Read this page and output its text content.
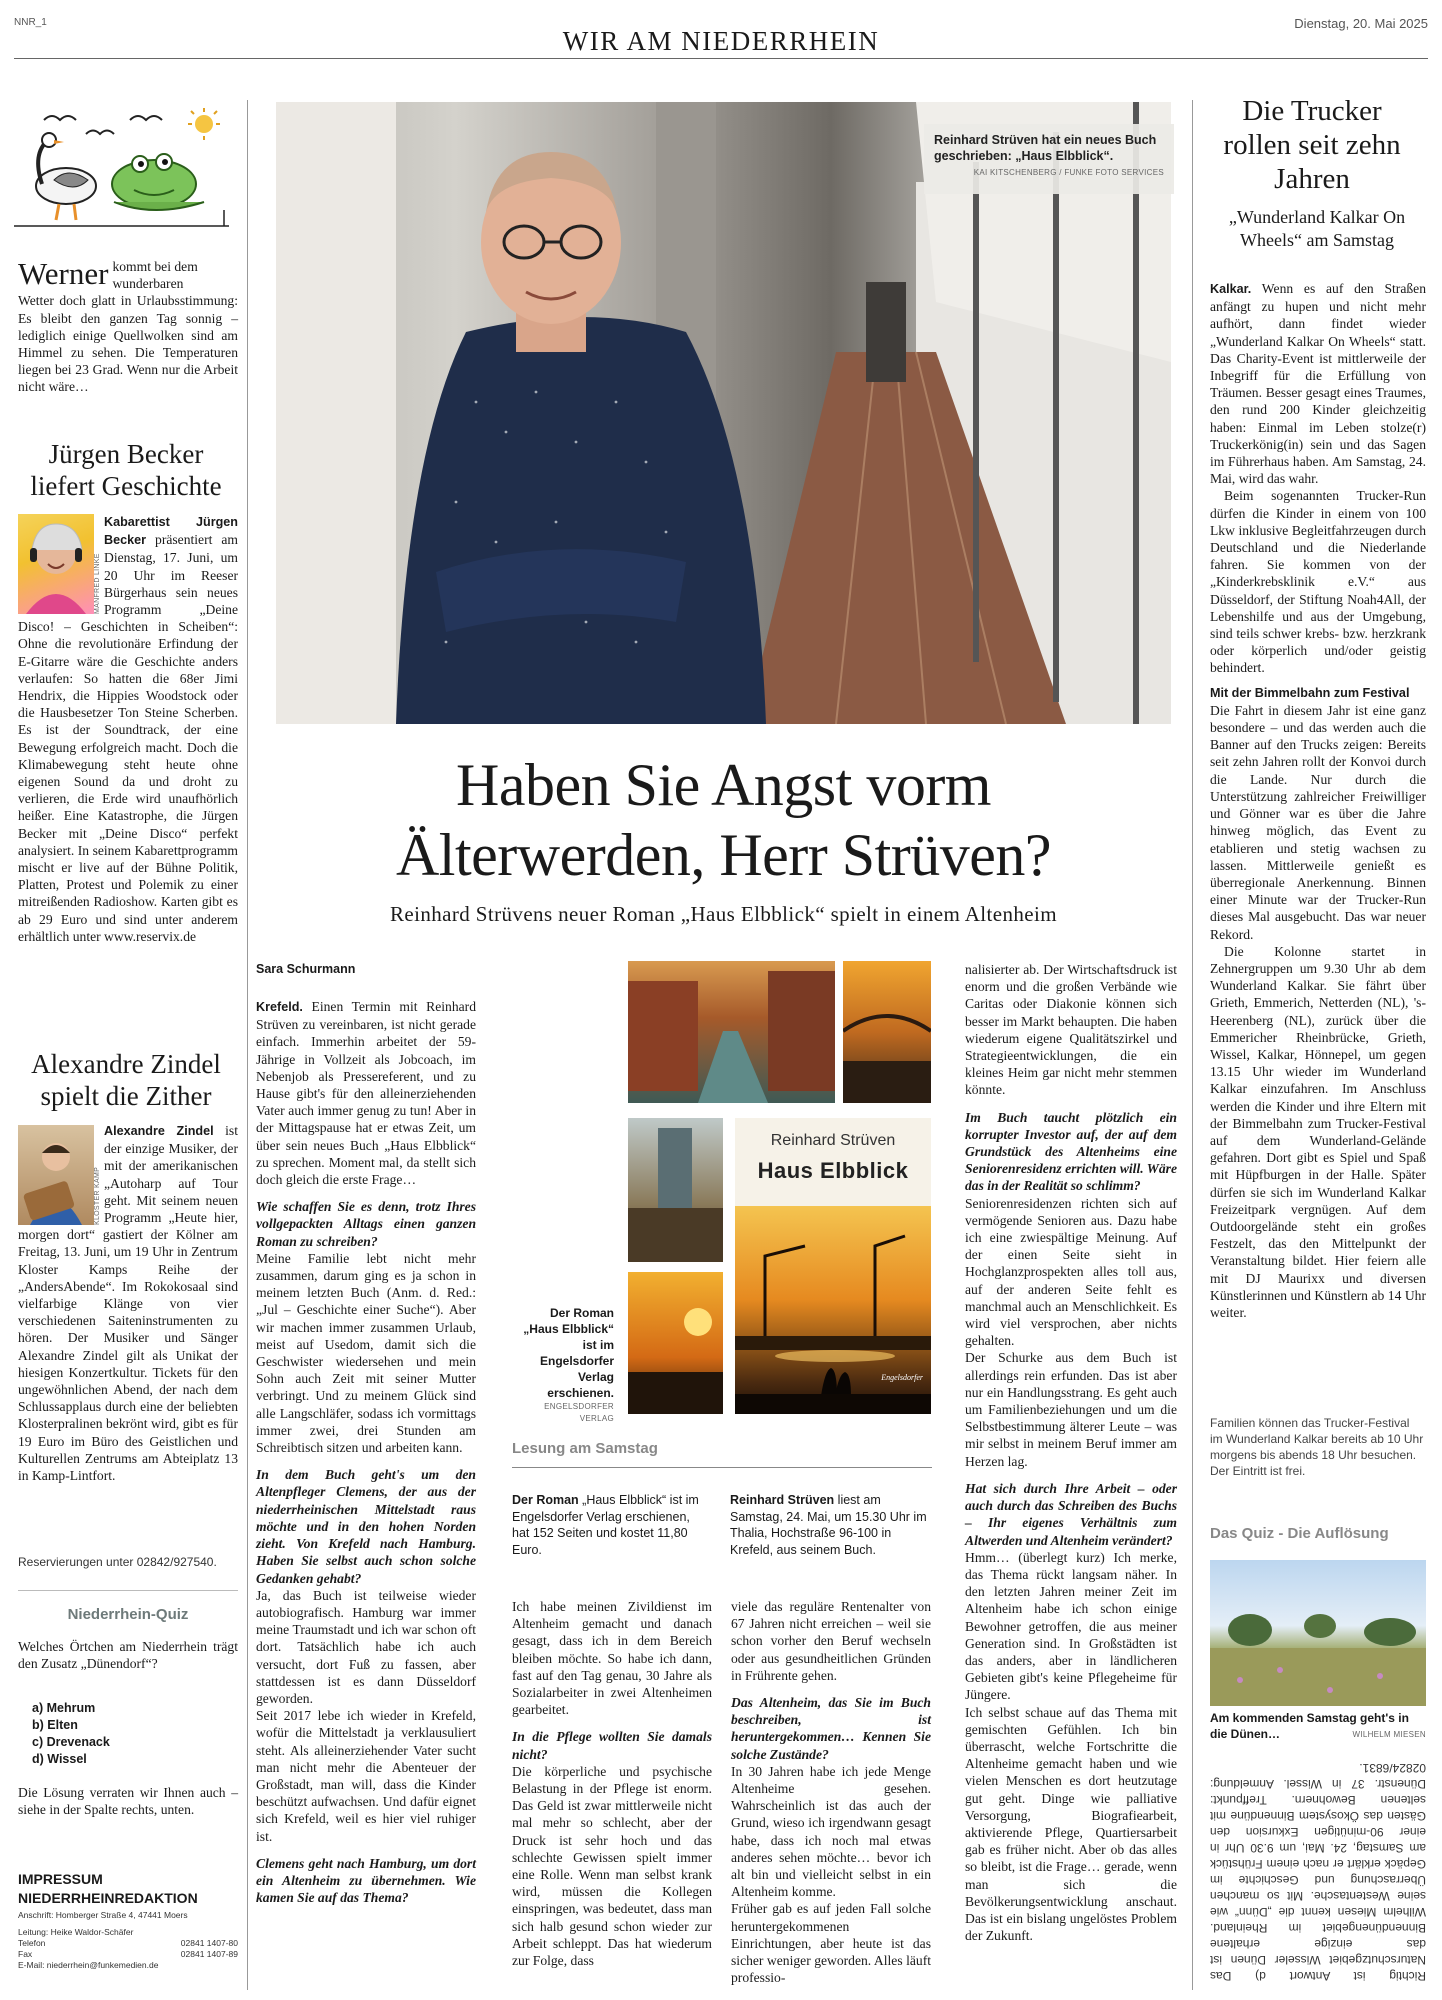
NNR_1
WIR AM NIEDERRHEIN
Dienstag, 20. Mai 2025
Werner kommt bei dem wunderbaren
Wetter doch glatt in Urlaubsstimmung: Es bleibt den ganzen Tag sonnig – lediglich einige Quellwolken sind am Himmel zu sehen. Die Temperaturen liegen bei 23 Grad. Wenn nur die Arbeit nicht wäre…
Jürgen Becker liefert Geschichte
MANFRED LINKE
Kabarettist Jürgen Becker präsentiert am Dienstag, 17. Juni, um 20 Uhr im Reeser Bürgerhaus sein neues Programm „Deine Disco! – Geschichten in Scheiben“: Ohne die revolutionäre Erfindung der E-Gitarre wäre die Geschichte anders verlaufen: So hatten die 68er Jimi Hendrix, die Hippies Woodstock oder die Hausbesetzer Ton Steine Scherben. Es ist der Soundtrack, der eine Bewegung erfolgreich macht. Doch die Klimabewegung steht heute ohne eigenen Sound da und droht zu verlieren, die Erde wird unaufhörlich heißer. Eine Katastrophe, die Jürgen Becker mit „Deine Disco“ perfekt analysiert. In seinem Kabarettprogramm mischt er live auf der Bühne Politik, Platten, Protest und Polemik zu einer mitreißenden Radioshow. Karten gibt es ab 29 Euro und sind unter anderem erhältlich unter www.reservix.de
Alexandre Zindel spielt die Zither
KLOSTER KAMP
Alexandre Zindel ist der einzige Musiker, der mit der amerikanischen „Autoharp auf Tour geht. Mit seinem neuen Programm „Heute hier, morgen dort“ gastiert der Kölner am Freitag, 13. Juni, um 19 Uhr in Zentrum Kloster Kamps Reihe der „AndersAbende“. Im Rokokosaal sind vielfarbige Klänge von vier verschiedenen Saiteninstrumenten zu hören. Der Musiker und Sänger Alexandre Zindel gilt als Unikat der hiesigen Konzertkultur. Tickets für den ungewöhnlichen Abend, der nach dem Schlussapplaus durch eine der beliebten Klosterpralinen bekrönt wird, gibt es für 19 Euro im Büro des Geistlichen und Kulturellen Zentrums am Abteiplatz 13 in Kamp-Lintfort.
Reservierungen unter 02842/927540.
Niederrhein-Quiz
Welches Örtchen am Niederrhein trägt den Zusatz „Dünendorf“?
a) Mehrum
b) Elten
c) Drevenack
d) Wissel
Die Lösung verraten wir Ihnen auch – siehe in der Spalte rechts, unten.
IMPRESSUM
NIEDERRHEINREDAKTION
Anschrift: Homberger Straße 4, 47441 Moers
Leitung: Heike Waldor-Schäfer
Telefon	02841 1407-80
Fax	02841 1407-89
E-Mail: niederrhein@funkemedien.de
Reinhard Strüven hat ein neues Buch geschrieben: „Haus Elbblick“.
KAI KITSCHENBERG / FUNKE FOTO SERVICES
Haben Sie Angst vorm
Älterwerden, Herr Strüven?
Reinhard Strüvens neuer Roman „Haus Elbblick“ spielt in einem Altenheim
Sara Schurmann

Krefeld. Einen Termin mit Reinhard Strüven zu vereinbaren, ist nicht gerade einfach. Immerhin arbeitet der 59-Jährige in Vollzeit als Jobcoach, im Nebenjob als Pressereferent, und zu Hause gibt's für den alleinerziehenden Vater auch immer genug zu tun! Aber in der Mittagspause hat er etwas Zeit, um über sein neues Buch „Haus Elbblick“ zu sprechen. Moment mal, da stellt sich doch gleich die erste Frage…

Wie schaffen Sie es denn, trotz Ihres vollgepackten Alltags einen ganzen Roman zu schreiben?

Meine Familie lebt nicht mehr zusammen, darum ging es ja schon in meinem letzten Buch (Anm. d. Red.: „Jul – Geschichte einer Suche“). Aber wir machen immer zusammen Urlaub, meist auf Usedom, damit sich die Geschwister wiedersehen und mein Sohn auch Zeit mit seiner Mutter verbringt. Und zu meinem Glück sind alle Langschläfer, sodass ich vormittags immer zwei, drei Stunden am Schreibtisch sitzen und arbeiten kann.

In dem Buch geht's um den Altenpfleger Clemens, der aus der niederrheinischen Mittelstadt raus möchte und in den hohen Norden zieht. Von Krefeld nach Hamburg. Haben Sie selbst auch schon solche Gedanken gehabt?

Ja, das Buch ist teilweise wieder autobiografisch. Hamburg war immer meine Traumstadt und ich war schon oft dort. Tatsächlich habe ich auch versucht, dort Fuß zu fassen, aber stattdessen ist es dann Düsseldorf geworden.

Seit 2017 lebe ich wieder in Krefeld, wofür die Mittelstadt ja verklausuliert steht. Als alleinerziehender Vater sucht man nicht mehr die Abenteuer der Großstadt, man will, dass die Kinder beschützt aufwachsen. Und dafür eignet sich Krefeld, weil es hier viel ruhiger ist.

Clemens geht nach Hamburg, um dort ein Altenheim zu übernehmen. Wie kamen Sie auf das Thema?

Reinhard Strüven
Haus Elbblick
Engelsdorfer
Der Roman „Haus Elbblick“ ist im Engelsdorfer Verlag erschienen.
ENGELSDORFER VERLAG
Lesung am Samstag
Der Roman „Haus Elbblick“ ist im Engelsdorfer Verlag erschienen, hat 152 Seiten und kostet 11,80 Euro.
Reinhard Strüven liest am Samstag, 24. Mai, um 15.30 Uhr im Thalia, Hochstraße 96-100 in Krefeld, aus seinem Buch.

Ich habe meinen Zivildienst im Altenheim gemacht und danach gesagt, dass ich in dem Bereich bleiben möchte. So habe ich dann, fast auf den Tag genau, 30 Jahre als Sozialarbeiter in zwei Altenheimen gearbeitet.

In die Pflege wollten Sie damals nicht?

Die körperliche und psychische Belastung in der Pflege ist enorm. Das Geld ist zwar mittlerweile nicht mal mehr so schlecht, aber der Druck ist sehr hoch und das schlechte Gewissen spielt immer eine Rolle. Wenn man selbst krank wird, müssen die Kollegen einspringen, was bedeutet, dass man sich halb gesund schon wieder zur Arbeit schleppt. Das hat wiederum zur Folge, dass

viele das reguläre Rentenalter von 67 Jahren nicht erreichen – weil sie schon vorher den Beruf wechseln oder aus gesundheitlichen Gründen in Frührente gehen.

Das Altenheim, das Sie im Buch beschreiben, ist heruntergekommen… Kennen Sie solche Zustände?

In 30 Jahren habe ich jede Menge Altenheime gesehen. Wahrscheinlich ist das auch der Grund, wieso ich irgendwann gesagt habe, dass ich noch mal etwas anderes sehen möchte… bevor ich alt bin und vielleicht selbst in ein Altenheim komme.

Früher gab es auf jeden Fall solche heruntergekommenen Einrichtungen, aber heute ist das sicher weniger geworden. Alles läuft professio-

nalisierter ab. Der Wirtschaftsdruck ist enorm und die großen Verbände wie Caritas oder Diakonie können sich besser im Markt behaupten. Die haben wiederum eigene Qualitätszirkel und Strategieentwicklungen, die ein kleines Heim gar nicht mehr stemmen könnte.

Im Buch taucht plötzlich ein korrupter Investor auf, der auf dem Grundstück des Altenheims eine Seniorenresidenz errichten will. Wäre das in der Realität so schlimm?

Seniorenresidenzen richten sich auf vermögende Senioren aus. Dazu habe ich eine zwiespältige Meinung. Auf der einen Seite sieht in Hochglanzprospekten alles toll aus, auf der anderen Seite fehlt es manchmal auch an Menschlichkeit. Es wird viel versprochen, aber nichts gehalten.

Der Schurke aus dem Buch ist allerdings rein erfunden. Das ist aber nur ein Handlungsstrang. Es geht auch um Familienbeziehungen und um die Selbstbestimmung älterer Leute – was mir selbst in meinem Beruf immer am Herzen lag.

Hat sich durch Ihre Arbeit – oder auch durch das Schreiben des Buchs – Ihr eigenes Verhältnis zum Altwerden und Altenheim verändert?

Hmm… (überlegt kurz) Ich merke, das Thema rückt langsam näher. In den letzten Jahren meiner Zeit im Altenheim habe ich schon einige Bewohner getroffen, die aus meiner Generation sind. In Großstädten ist das anders, aber in ländlicheren Gebieten gibt's keine Pflegeheime für Jüngere.

Ich selbst schaue auf das Thema mit gemischten Gefühlen. Ich bin überrascht, welche Fortschritte die Altenheime gemacht haben und wie vielen Menschen es dort heutzutage gut geht. Dinge wie palliative Versorgung, Biografiearbeit, aktivierende Pflege, Quartiersarbeit gab es früher nicht. Aber ob das alles so bleibt, ist die Frage… gerade, wenn man sich die Bevölkerungsentwicklung anschaut. Das ist ein bislang ungelöstes Problem der Zukunft.

Die Trucker rollen seit zehn Jahren
„Wunderland Kalkar On Wheels“ am Samstag

Kalkar. Wenn es auf den Straßen anfängt zu hupen und nicht mehr aufhört, dann findet wieder „Wunderland Kalkar On Wheels“ statt. Das Charity-Event ist mittlerweile der Inbegriff für die Erfüllung von Träumen. Besser gesagt eines Traumes, den rund 200 Kinder gleichzeitig haben: Einmal im Leben stolze(r) Truckerkönig(in) sein und das Sagen im Führerhaus haben. Am Samstag, 24. Mai, wird das wahr.

Beim sogenannten Trucker-Run dürfen die Kinder in einem von 100 Lkw inklusive Begleitfahrzeugen durch Deutschland und die Niederlande fahren. Sie kommen von der „Kinderkrebsklinik e.V.“ aus Düsseldorf, der Stiftung Noah4All, der Lebenshilfe und aus der Umgebung, sind teils schwer krebs- bzw. herzkrank oder körperlich und/oder geistig behindert.

Mit der Bimmelbahn zum Festival

Die Fahrt in diesem Jahr ist eine ganz besondere – und das werden auch die Banner auf den Trucks zeigen: Bereits seit zehn Jahren rollt der Konvoi durch die Lande. Nur durch die Unterstützung zahlreicher Freiwilliger und Gönner war es über die Jahre hinweg möglich, das Event zu etablieren und stetig wachsen zu lassen. Mittlerweile genießt es überregionale Anerkennung. Binnen einer Minute war der Trucker-Run dieses Mal ausgebucht. Das war neuer Rekord.

Die Kolonne startet in Zehnergruppen um 9.30 Uhr ab dem Wunderland Kalkar. Sie fährt über Grieth, Emmerich, Netterden (NL), 's-Heerenberg (NL), zurück über die Emmericher Rheinbrücke, Grieth, Wissel, Kalkar, Hönnepel, um gegen 13.15 Uhr wieder im Wunderland Kalkar einzufahren. Im Anschluss werden die Kinder und ihre Eltern mit der Bimmelbahn zum Trucker-Festival auf dem Wunderland-Gelände gefahren. Dort gibt es Spiel und Spaß mit Hüpfburgen in der Halle. Später dürfen sie sich im Wunderland Kalkar Freizeitpark vergnügen. Auf dem Outdoorgelände steht ein großes Festzelt, das den Mittelpunkt der Veranstaltung bildet. Hier feiern alle mit DJ Maurixx und diversen Künstlerinnen und Künstlern ab 14 Uhr weiter.

Familien können das Trucker-Festival im Wunderland Kalkar bereits ab 10 Uhr morgens bis abends 18 Uhr besuchen. Der Eintritt ist frei.
Das Quiz - Die Auflösung
Am kommenden Samstag geht's in die Dünen…	WILHELM MIESEN
Richtig ist Antwort d) Das Naturschutzgebiet Wisseler Dünen ist das einzige erhaltene Binnendünengebiet im Rheinland. Wilhelm Miesen kennt die „Dünn“ wie seine Westentasche. Mit so manchen Überraschung und Geschichte im Gepäck erklärt er nach einem Frühstück am Samstag, 24. Mai, um 9.30 Uhr in einer 90-minütigen Exkursion den Gästen das Ökosystem Binnendüne mit seltenen Bewohnern. Treffpunkt: Dünenstr. 37 in Wissel. Anmeldung: 02824/6831.
